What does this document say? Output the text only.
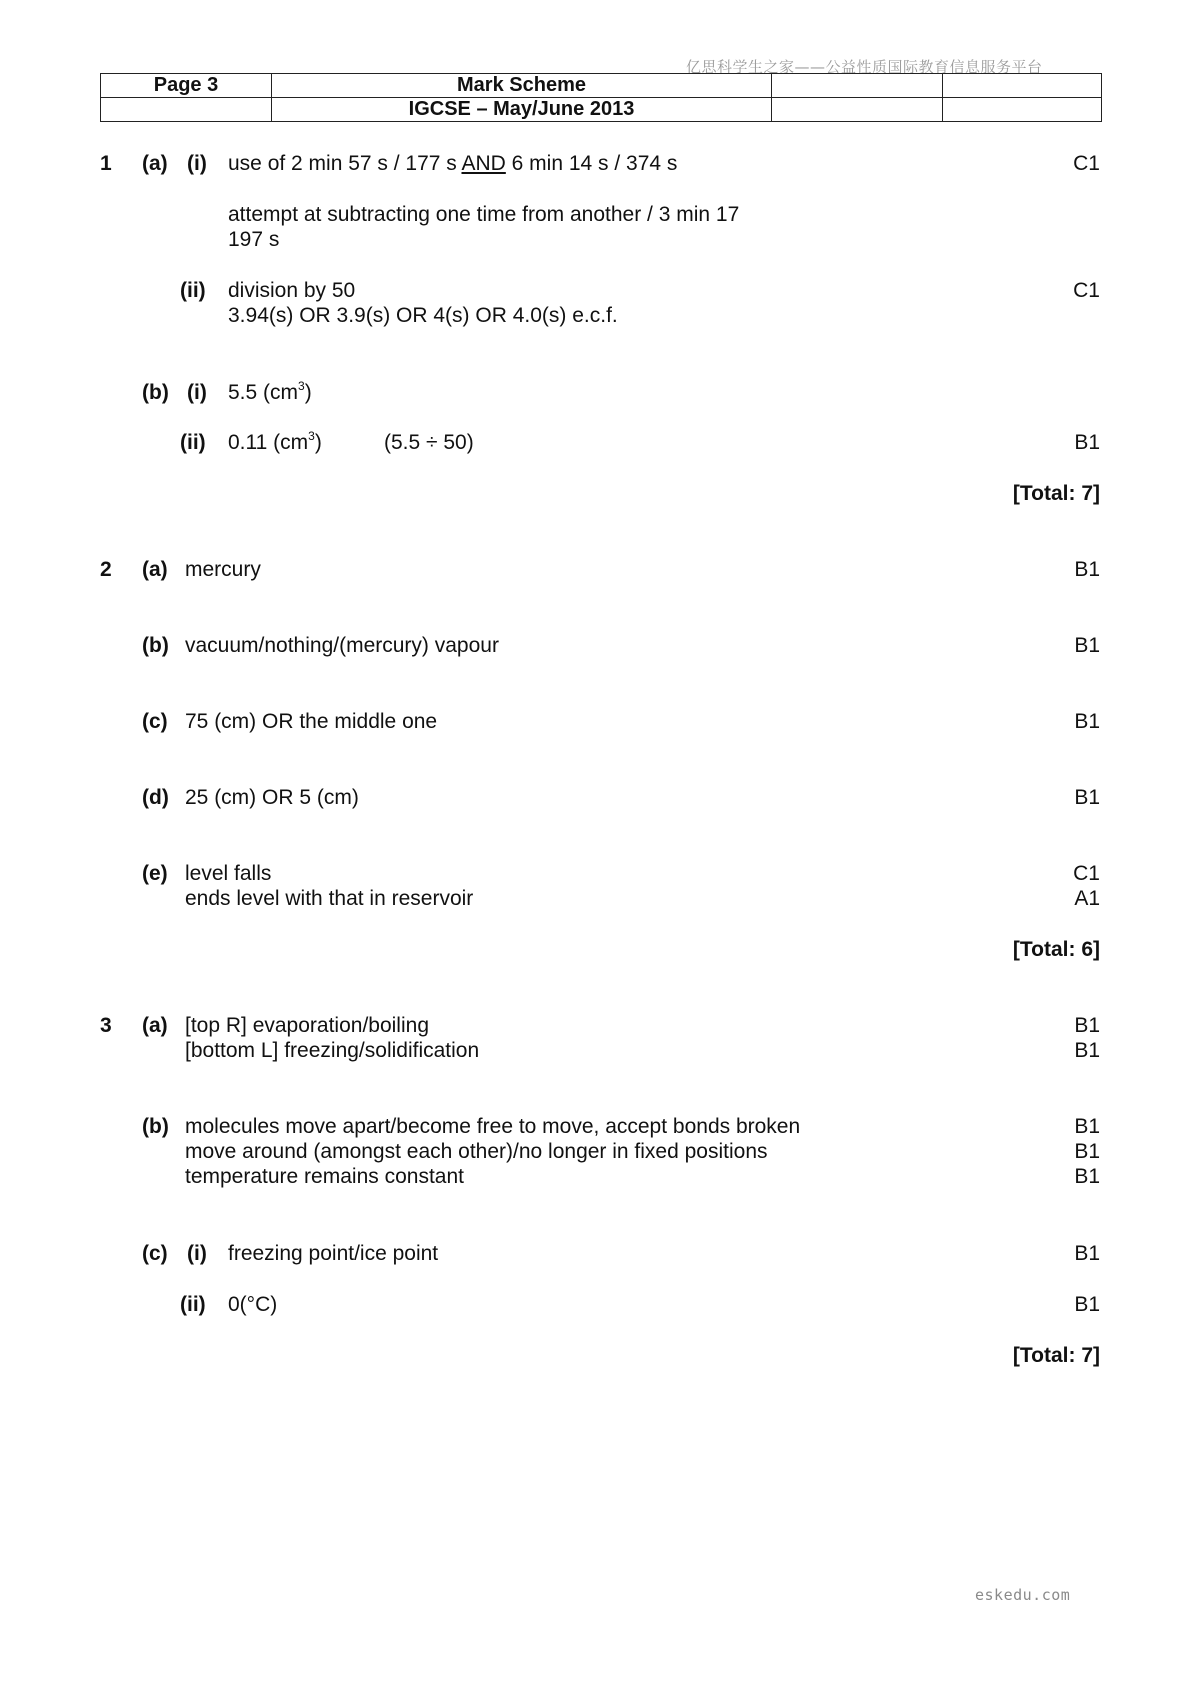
亿思科学生之家——公益性质国际教育信息服务平台
Page 3	Mark Scheme		
	IGCSE – May/June 2013		
1 (a) (i) use of 2 min 57 s / 177 s AND 6 min 14 s / 374 s	C1
attempt at subtracting one time from another / 3 min 17
197 s
(ii) division by 50	C1
3.94(s) OR 3.9(s) OR 4(s) OR 4.0(s) e.c.f.
(b) (i) 5.5 $(cm^3)$
(ii) 0.11 $(cm^3)$	(5.5 ÷ 50)	B1
[Total: 7]
2 (a) mercury	B1
(b) vacuum/nothing/(mercury) vapour	B1
(c) 75 (cm) OR the middle one	B1
(d) 25 (cm) OR 5 (cm)	B1
(e) level falls	C1
ends level with that in reservoir	A1
[Total: 6]
3 (a) [top R] evaporation/boiling	B1
[bottom L] freezing/solidification	B1
(b) molecules move apart/become free to move, accept bonds broken	B1
move around (amongst each other)/no longer in fixed positions	B1
temperature remains constant	B1
(c) (i) freezing point/ice point	B1
(ii) 0(°C)	B1
[Total: 7]
eskedu.com
